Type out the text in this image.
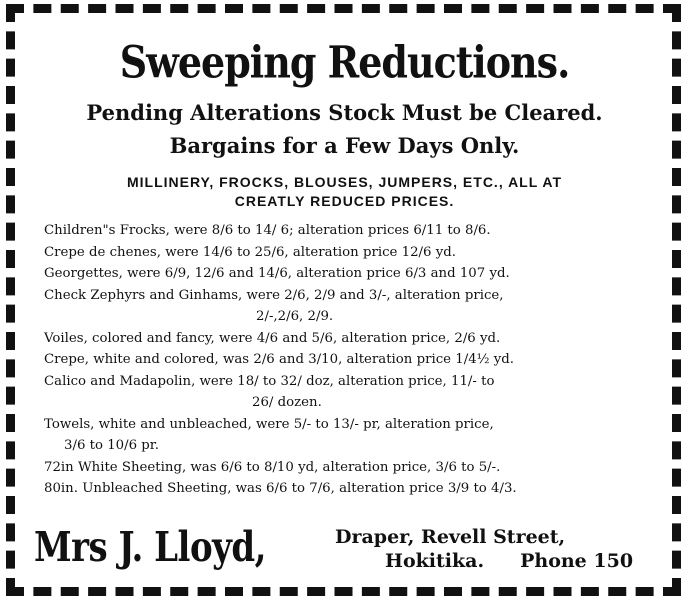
Sweeping Reductions.
Pending Alterations Stock Must be Cleared.
Bargains for a Few Days Only.
MILLINERY, FROCKS, BLOUSES, JUMPERS, ETC., ALL AT
CREATLY REDUCED PRICES.
Children"s Frocks, were 8/6 to 14/ 6; alteration prices 6/11 to 8/6.
Crepe de chenes, were 14/6 to 25/6, alteration price 12/6 yd.
Georgettes, were 6/9, 12/6 and 14/6, alteration price 6/3 and 107 yd.
Check Zephyrs and Ginhams, were 2/6, 2/9 and 3/-, alteration price,
2/-,2/6, 2/9.
Voiles, colored and fancy, were 4/6 and 5/6, alteration price, 2/6 yd.
Crepe, white and colored, was 2/6 and 3/10, alteration price 1/4½ yd.
Calico and Madapolin, were 18/ to 32/ doz, alteration price, 11/- to
26/ dozen.
Towels, white and unbleached, were 5/- to 13/- pr, alteration price,
3/6 to 10/6 pr.
72in White Sheeting, was 6/6 to 8/10 yd, alteration price, 3/6 to 5/-.
80in. Unbleached Sheeting, was 6/6 to 7/6, alteration price 3/9 to 4/3.
Mrs J. Lloyd,	Draper, Revell Street,
Hokitika. Phone 150
